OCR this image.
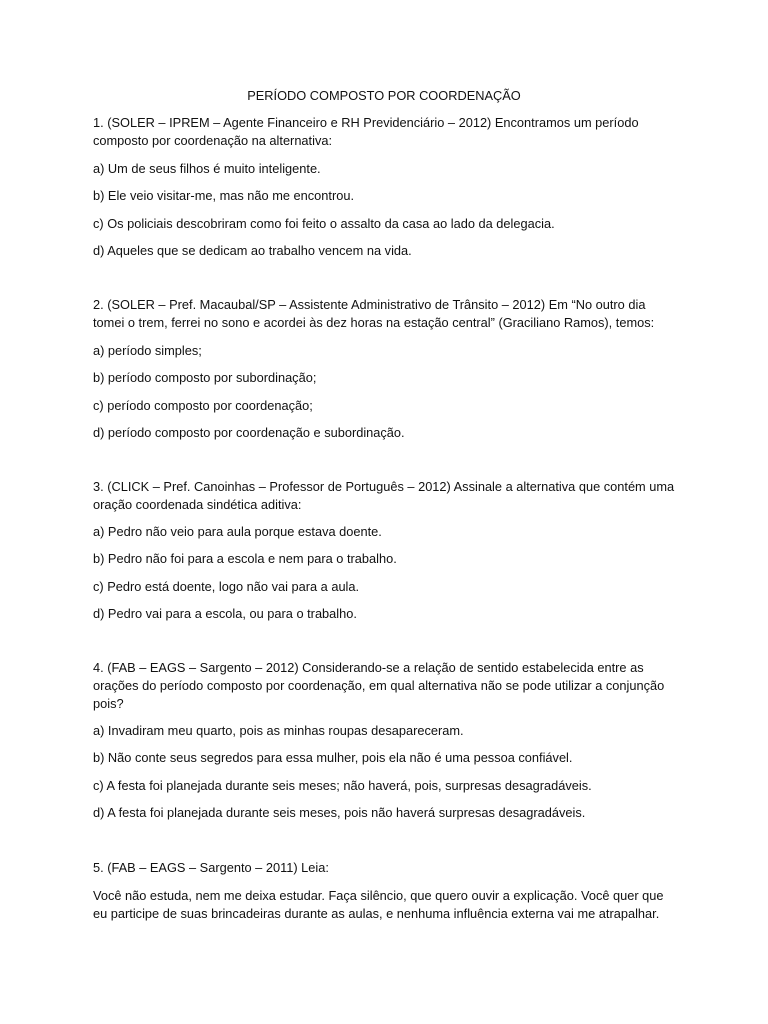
PERÍODO COMPOSTO POR COORDENAÇÃO

1. (SOLER – IPREM – Agente Financeiro e RH Previdenciário – 2012) Encontramos um período
composto por coordenação na alternativa:

a) Um de seus filhos é muito inteligente.

b) Ele veio visitar-me, mas não me encontrou.

c) Os policiais descobriram como foi feito o assalto da casa ao lado da delegacia.

d) Aqueles que se dedicam ao trabalho vencem na vida.

2. (SOLER – Pref. Macaubal/SP – Assistente Administrativo de Trânsito – 2012) Em “No outro dia
tomei o trem, ferrei no sono e acordei às dez horas na estação central” (Graciliano Ramos), temos:

a) período simples;

b) período composto por subordinação;

c) período composto por coordenação;

d) período composto por coordenação e subordinação.

3. (CLICK – Pref. Canoinhas – Professor de Português – 2012) Assinale a alternativa que contém uma
oração coordenada sindética aditiva:

a) Pedro não veio para aula porque estava doente.

b) Pedro não foi para a escola e nem para o trabalho.

c) Pedro está doente, logo não vai para a aula.

d) Pedro vai para a escola, ou para o trabalho.

4. (FAB – EAGS – Sargento – 2012) Considerando-se a relação de sentido estabelecida entre as
orações do período composto por coordenação, em qual alternativa não se pode utilizar a conjunção
pois?

a) Invadiram meu quarto, pois as minhas roupas desapareceram.

b) Não conte seus segredos para essa mulher, pois ela não é uma pessoa confiável.

c) A festa foi planejada durante seis meses; não haverá, pois, surpresas desagradáveis.

d) A festa foi planejada durante seis meses, pois não haverá surpresas desagradáveis.

5. (FAB – EAGS – Sargento – 2011) Leia:

Você não estuda, nem me deixa estudar. Faça silêncio, que quero ouvir a explicação. Você quer que
eu participe de suas brincadeiras durante as aulas, e nenhuma influência externa vai me atrapalhar.
